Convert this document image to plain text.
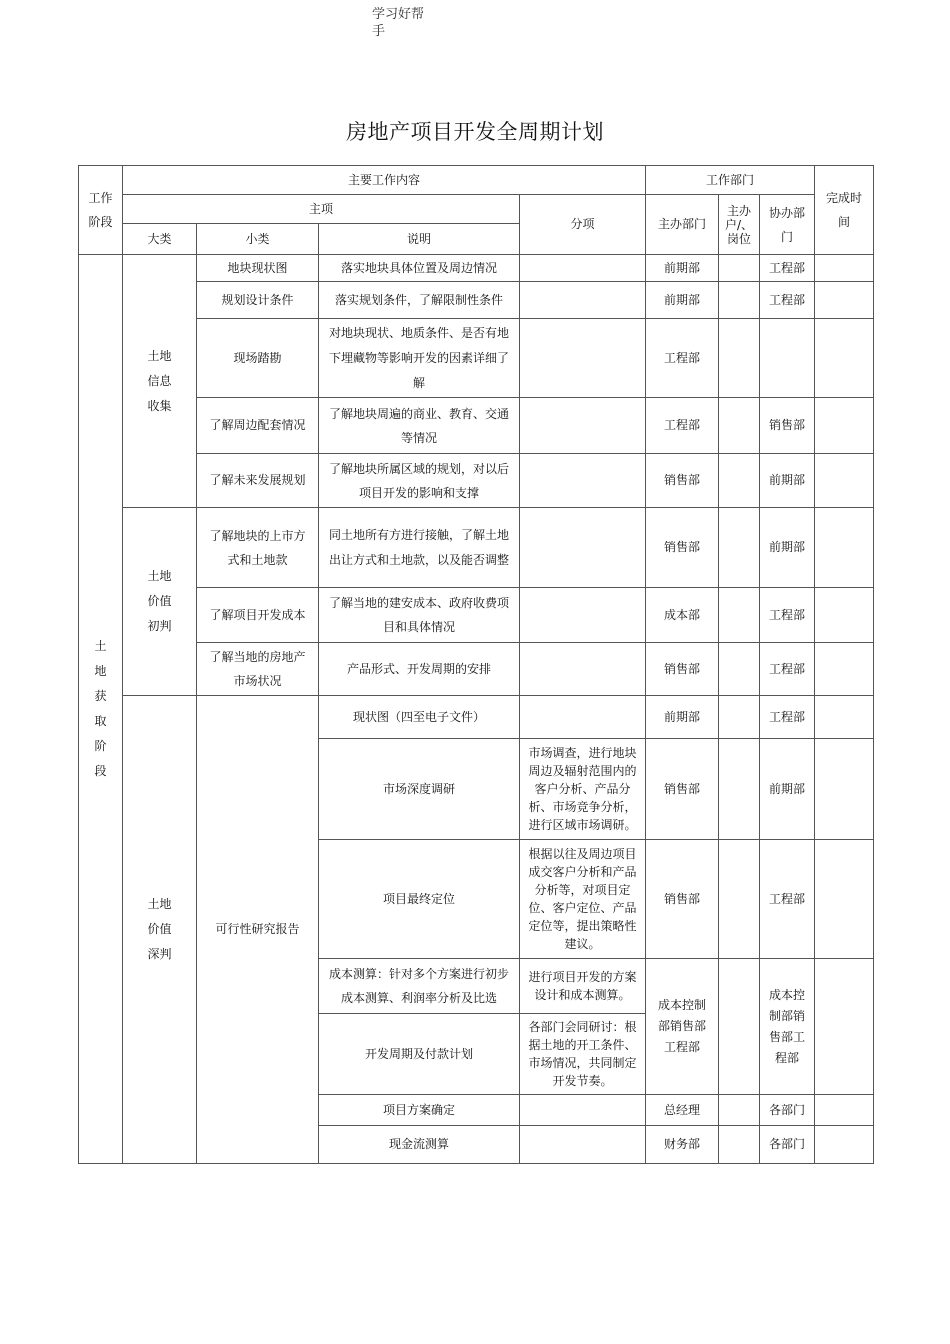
学习好帮手
房地产项目开发全周期计划
工作阶段	主要工作内容				工作部门			完成时间
	主项			分项	主办部门	主办户/、岗位	协办部门	
	大类	小类	说明					
土地获取阶段	土地信息收集	地块现状图	落实地块具体位置及周边情况		前期部		工程部	
		规划设计条件	落实规划条件，了解限制性条件		前期部		工程部	
		现场踏勘	对地块现状、地质条件、是否有地下埋藏物等影响开发的因素详细了解		工程部			
		了解周边配套情况	了解地块周遍的商业、教育、交通等情况		工程部		销售部	
		了解未来发展规划	了解地块所属区域的规划，对以后项目开发的影响和支撑		销售部		前期部	
	土地价值初判	了解地块的上市方式和土地款	同土地所有方进行接触，了解土地出让方式和土地款，以及能否调整		销售部		前期部	
		了解项目开发成本	了解当地的建安成本、政府收费项目和具体情况		成本部		工程部	
		了解当地的房地产市场状况	产品形式、开发周期的安排		销售部		工程部	
	土地价值深判	可行性研究报告	现状图（四至电子文件）		前期部		工程部	
			市场深度调研	市场调查，进行地块周边及辐射范围内的客户分析、产品分析、市场竞争分析，进行区域市场调研。	销售部		前期部	
			项目最终定位	根据以往及周边项目成交客户分析和产品分析等，对项目定位、客户定位、产品定位等，提出策略性建议。	销售部		工程部	
			成本测算：针对多个方案进行初步成本测算、利润率分析及比选	进行项目开发的方案设计和成本测算。	成本控制部销售部工程部		成本控制部销售部工程部	
			开发周期及付款计划	各部门会同研讨：根据土地的开工条件、市场情况，共同制定开发节奏。				
			项目方案确定		总经理		各部门	
			现金流测算		财务部		各部门	
